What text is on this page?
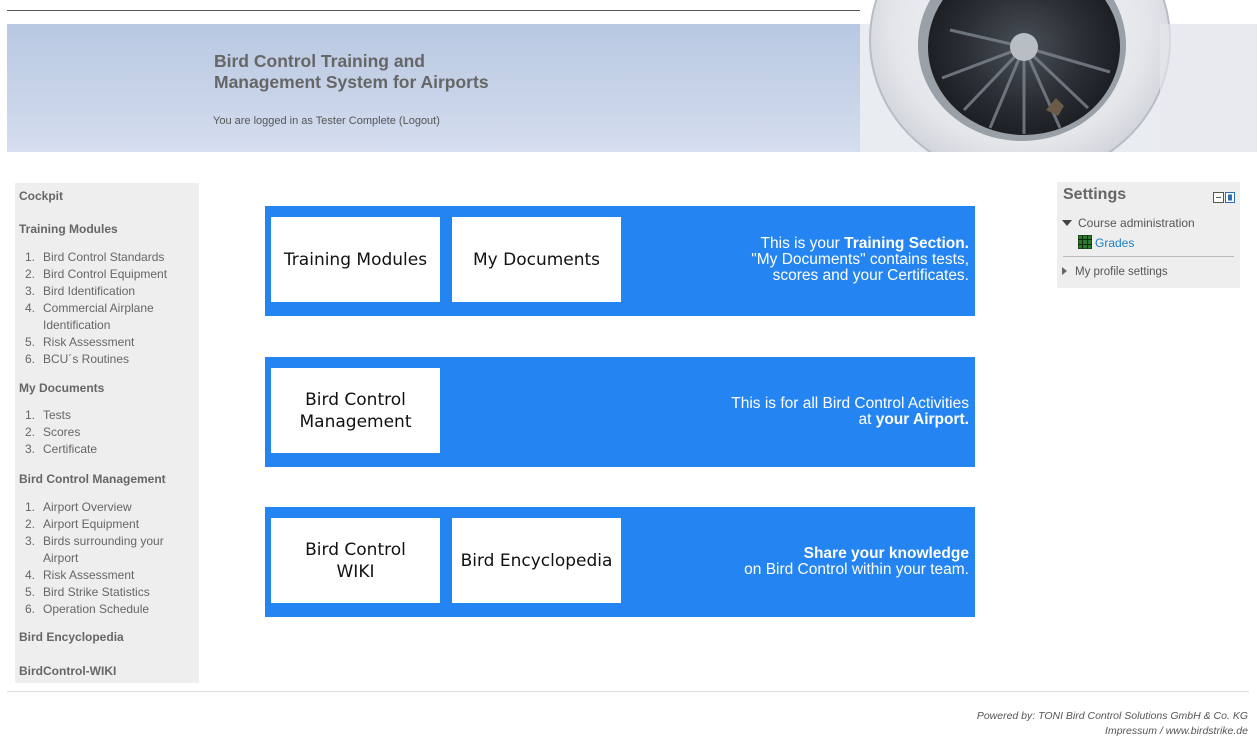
Bird Control Training and
Management System for Airports
You are logged in as Tester Complete (Logout)
Cockpit
Training Modules
1. Bird Control Standards
2. Bird Control Equipment
3. Bird Identification
4. Commercial Airplane Identification
5. Risk Assessment
6. BCU´s Routines
My Documents
1. Tests
2. Scores
3. Certificate
Bird Control Management
1. Airport Overview
2. Airport Equipment
3. Birds surrounding your Airport
4. Risk Assessment
5. Bird Strike Statistics
6. Operation Schedule
Bird Encyclopedia
BirdControl-WIKI
Training Modules	My Documents
This is your Training Section.
"My Documents" contains tests,
scores and your Certificates.
Bird Control
Management
This is for all Bird Control Activities
at your Airport.
Bird Control
WIKI
Bird Encyclopedia	Share your knowledge
on Bird Control within your team.
Settings
Course administration
Grades
My profile settings
Powered by: TONI Bird Control Solutions GmbH & Co. KG
Impressum / www.birdstrike.de
